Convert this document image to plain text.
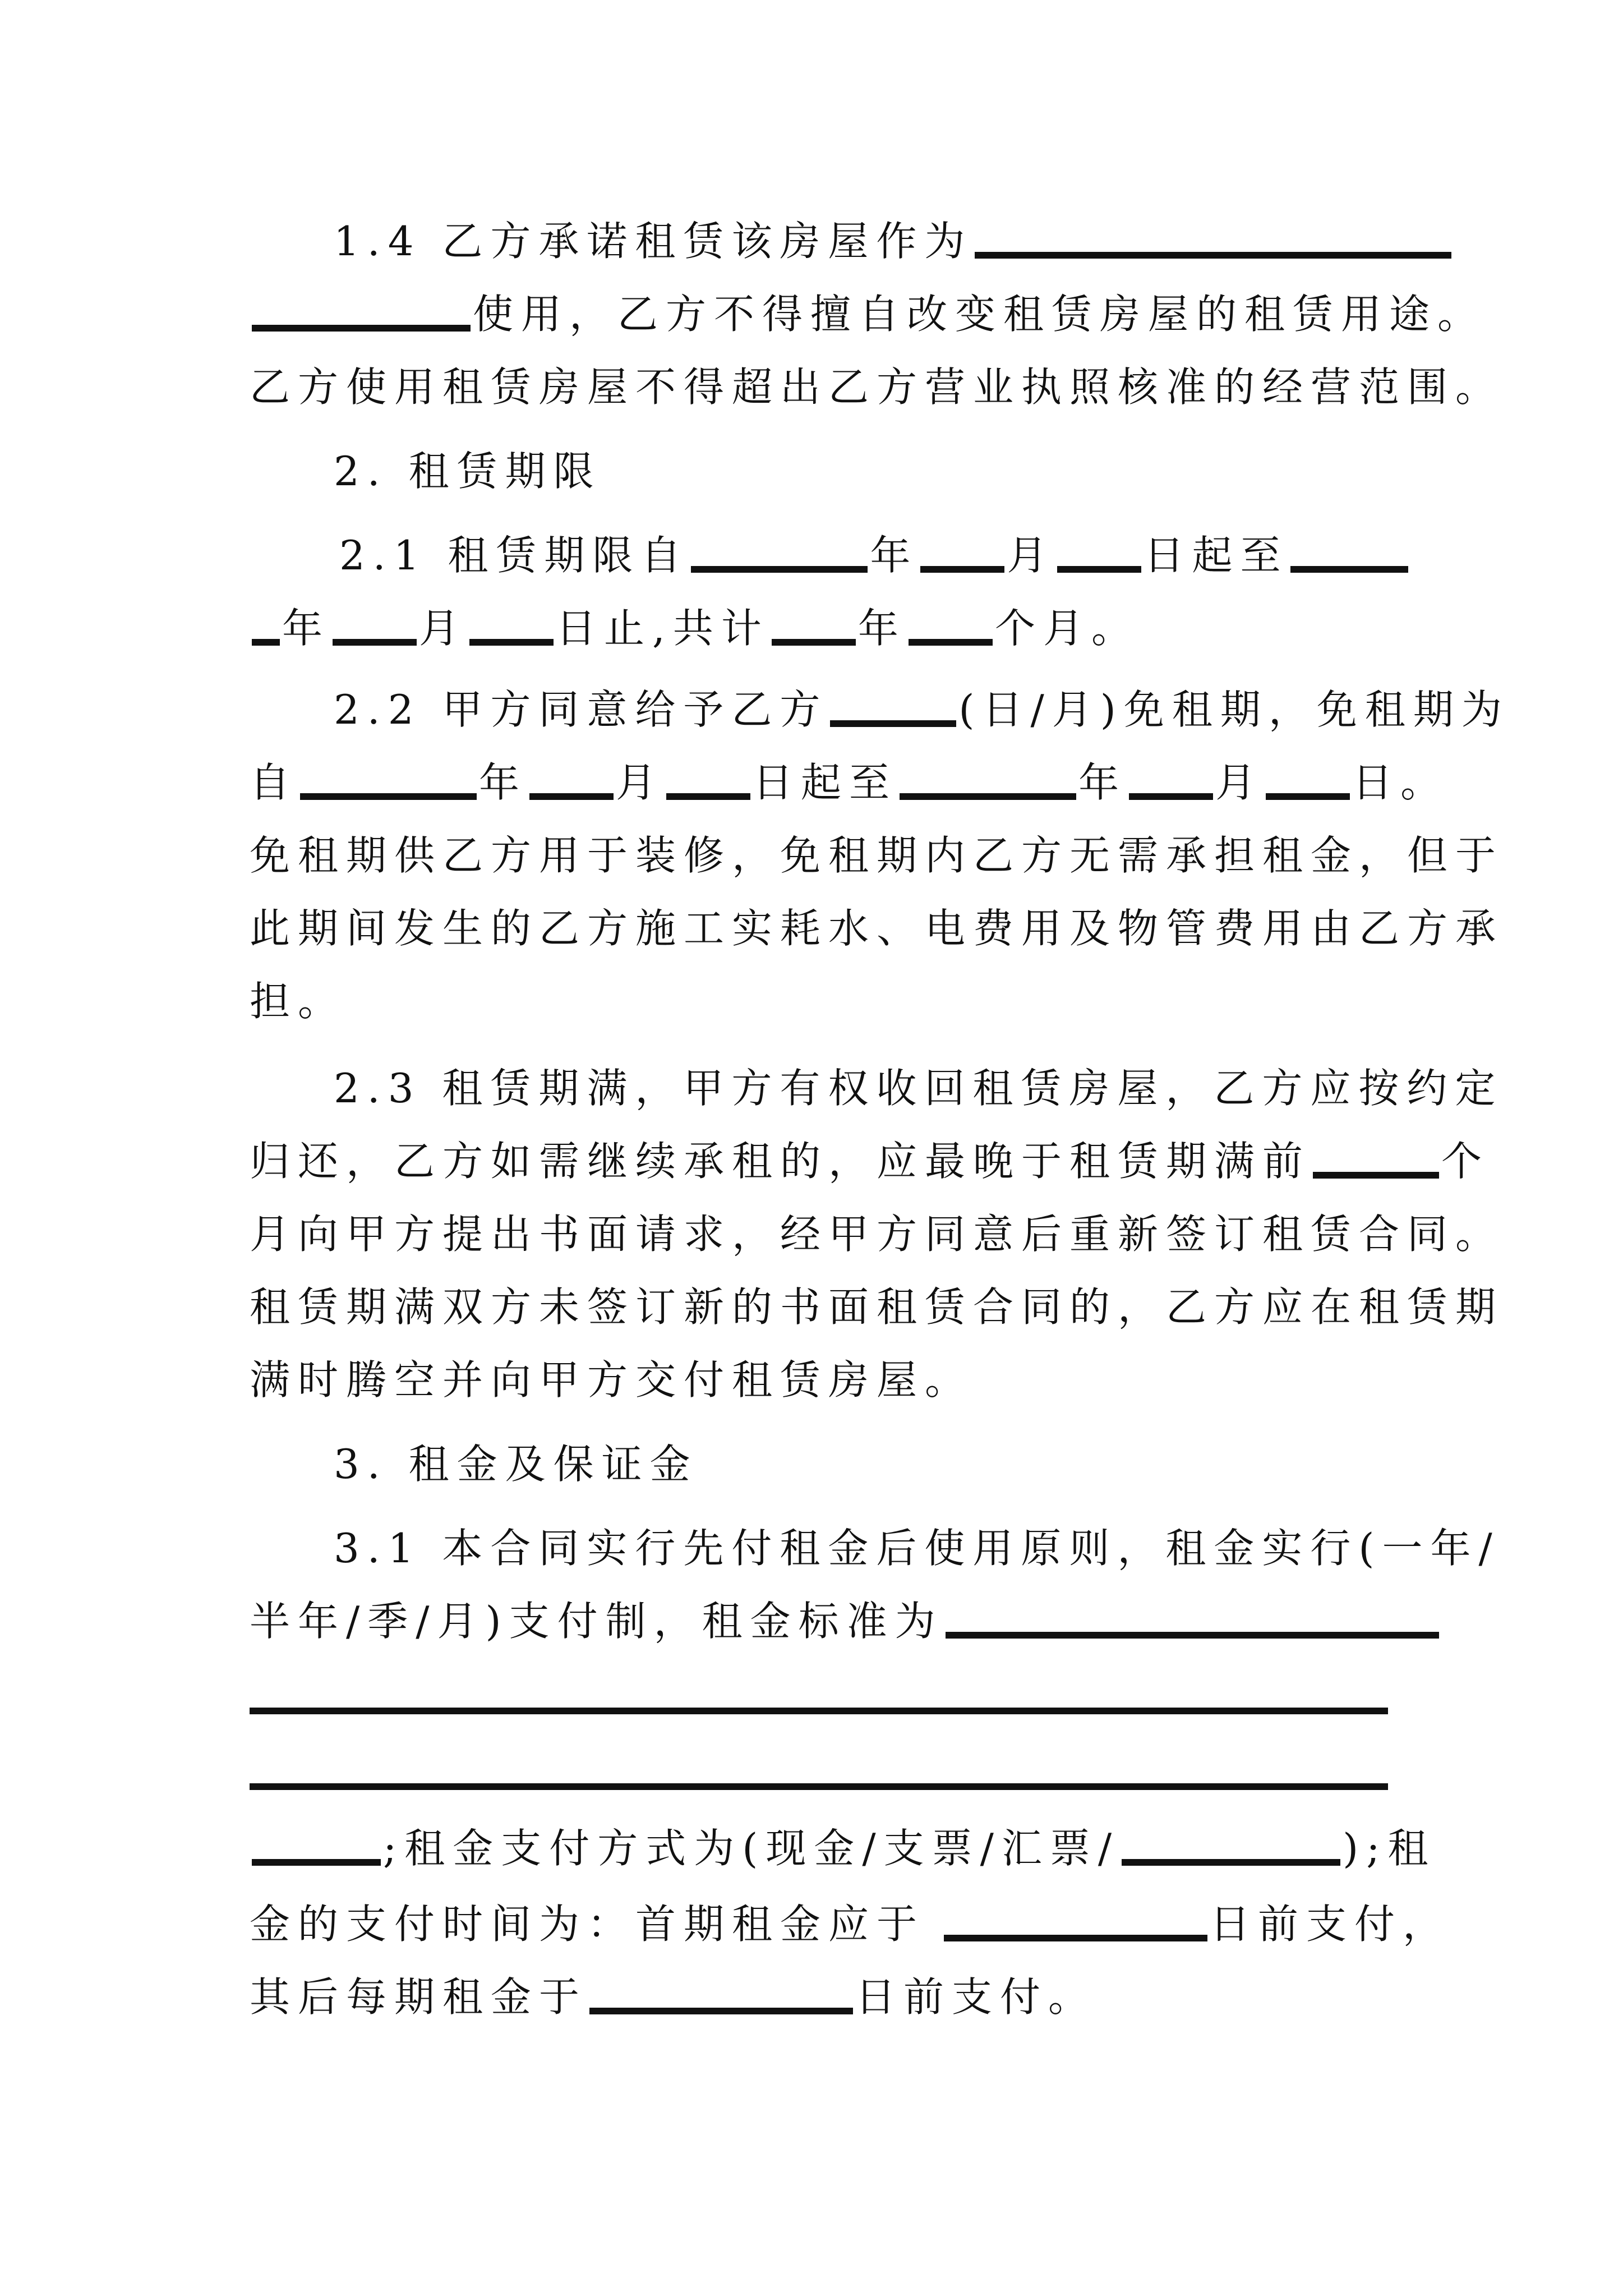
1.4 乙方承诺租赁该房屋作为
使用，乙方不得擅自改变租赁房屋的租赁用途。
乙方使用租赁房屋不得超出乙方营业执照核准的经营范围。
2. 租赁期限
2.1 租赁期限自	年 月 日起至
年 月 日止,共计 年 个月。
2.2 甲方同意给予乙方	(日/月)免租期，免租期为
自	年 月 日起至	年 月 日。
免租期供乙方用于装修，免租期内乙方无需承担租金，但于
此期间发生的乙方施工实耗水、电费用及物管费用由乙方承
担。
2.3 租赁期满，甲方有权收回租赁房屋，乙方应按约定
归还，乙方如需继续承租的，应最晚于租赁期满前	个
月向甲方提出书面请求，经甲方同意后重新签订租赁合同。
租赁期满双方未签订新的书面租赁合同的，乙方应在租赁期
满时腾空并向甲方交付租赁房屋。
3. 租金及保证金
3.1 本合同实行先付租金后使用原则，租金实行(一年/
半年/季/月)支付制，租金标准为
;租金支付方式为(现金/支票/汇票/	);租
金的支付时间为：首期租金应于	日前支付，
其后每期租金于	日前支付。
